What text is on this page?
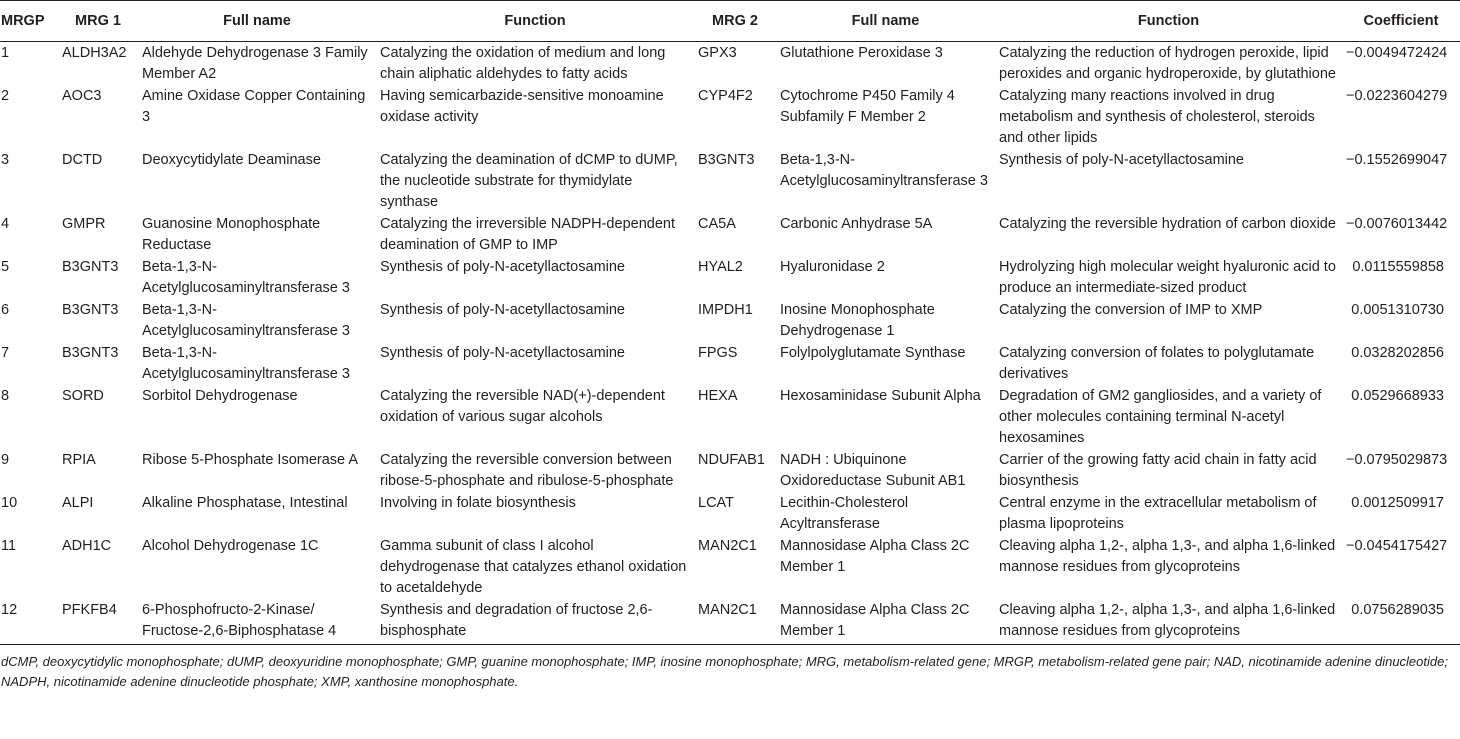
MRGP	MRG 1	Full name	Function	MRG 2	Full name	Function	Coefficient
1	ALDH3A2	Aldehyde Dehydrogenase 3 Family Member A2	Catalyzing the oxidation of medium and long chain aliphatic aldehydes to fatty acids	GPX3	Glutathione Peroxidase 3	Catalyzing the reduction of hydrogen peroxide, lipid peroxides and organic hydroperoxide, by glutathione	−0.0049472424
2	AOC3	Amine Oxidase Copper Containing 3	Having semicarbazide-sensitive monoamine oxidase activity	CYP4F2	Cytochrome P450 Family 4 Subfamily F Member 2	Catalyzing many reactions involved in drug metabolism and synthesis of cholesterol, steroids and other lipids	−0.0223604279
3	DCTD	Deoxycytidylate Deaminase	Catalyzing the deamination of dCMP to dUMP, the nucleotide substrate for thymidylate synthase	B3GNT3	Beta-1,3-N-Acetylglucosaminyltransferase 3	Synthesis of poly-N-acetyllactosamine	−0.1552699047
4	GMPR	Guanosine Monophosphate Reductase	Catalyzing the irreversible NADPH-dependent deamination of GMP to IMP	CA5A	Carbonic Anhydrase 5A	Catalyzing the reversible hydration of carbon dioxide	−0.0076013442
5	B3GNT3	Beta-1,3-N-Acetylglucosaminyltransferase 3	Synthesis of poly-N-acetyllactosamine	HYAL2	Hyaluronidase 2	Hydrolyzing high molecular weight hyaluronic acid to produce an intermediate-sized product	0.0115559858
6	B3GNT3	Beta-1,3-N-Acetylglucosaminyltransferase 3	Synthesis of poly-N-acetyllactosamine	IMPDH1	Inosine Monophosphate Dehydrogenase 1	Catalyzing the conversion of IMP to XMP	0.0051310730
7	B3GNT3	Beta-1,3-N-Acetylglucosaminyltransferase 3	Synthesis of poly-N-acetyllactosamine	FPGS	Folylpolyglutamate Synthase	Catalyzing conversion of folates to polyglutamate derivatives	0.0328202856
8	SORD	Sorbitol Dehydrogenase	Catalyzing the reversible NAD(+)-dependent oxidation of various sugar alcohols	HEXA	Hexosaminidase Subunit Alpha	Degradation of GM2 gangliosides, and a variety of other molecules containing terminal N-acetyl hexosamines	0.0529668933
9	RPIA	Ribose 5-Phosphate Isomerase A	Catalyzing the reversible conversion between ribose-5-phosphate and ribulose-5-phosphate	NDUFAB1	NADH : Ubiquinone Oxidoreductase Subunit AB1	Carrier of the growing fatty acid chain in fatty acid biosynthesis	−0.0795029873
10	ALPI	Alkaline Phosphatase, Intestinal	Involving in folate biosynthesis	LCAT	Lecithin-Cholesterol Acyltransferase	Central enzyme in the extracellular metabolism of plasma lipoproteins	0.0012509917
11	ADH1C	Alcohol Dehydrogenase 1C	Gamma subunit of class I alcohol dehydrogenase that catalyzes ethanol oxidation to acetaldehyde	MAN2C1	Mannosidase Alpha Class 2C Member 1	Cleaving alpha 1,2-, alpha 1,3-, and alpha 1,6-linked mannose residues from glycoproteins	−0.0454175427
12	PFKFB4	6-Phosphofructo-2-Kinase/ Fructose-2,6-Biphosphatase 4	Synthesis and degradation of fructose 2,6-bisphosphate	MAN2C1	Mannosidase Alpha Class 2C Member 1	Cleaving alpha 1,2-, alpha 1,3-, and alpha 1,6-linked mannose residues from glycoproteins	0.0756289035
dCMP, deoxycytidylic monophosphate; dUMP, deoxyuridine monophosphate; GMP, guanine monophosphate; IMP, inosine monophosphate; MRG, metabolism-related gene; MRGP, metabolism-related gene pair; NAD, nicotinamide adenine dinucleotide; NADPH, nicotinamide adenine dinucleotide phosphate; XMP, xanthosine monophosphate.
